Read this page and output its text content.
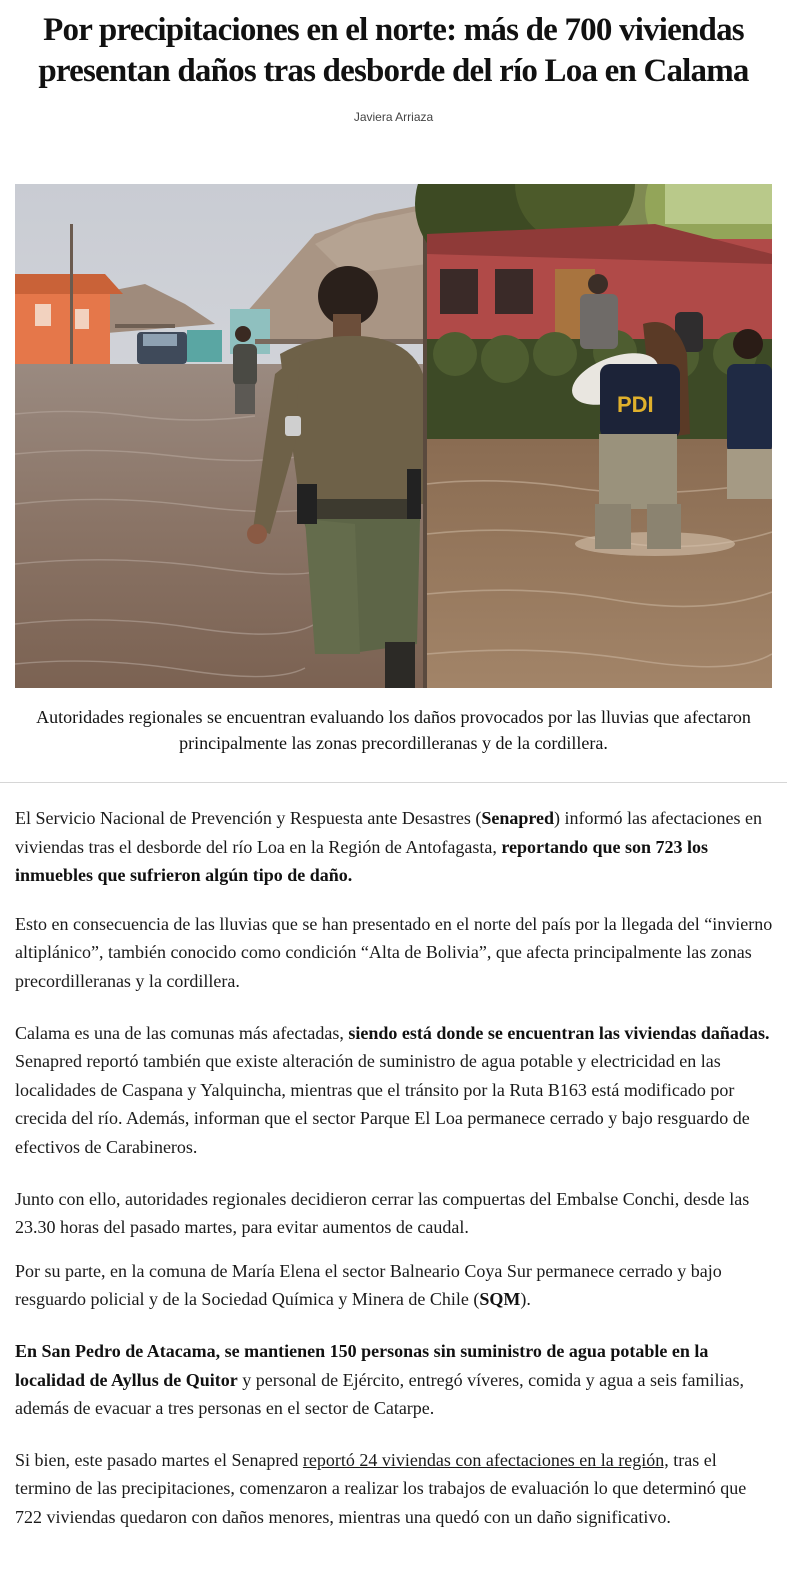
Por precipitaciones en el norte: más de 700 viviendas presentan daños tras desborde del río Loa en Calama
Javiera Arriaza
PDI
Autoridades regionales se encuentran evaluando los daños provocados por las lluvias que afectaron principalmente las zonas precordilleranas y de la cordillera.

El Servicio Nacional de Prevención y Respuesta ante Desastres (Senapred) informó las afectaciones en viviendas tras el desborde del río Loa en la Región de Antofagasta, reportando que son 723 los inmuebles que sufrieron algún tipo de daño.

Esto en consecuencia de las lluvias que se han presentado en el norte del país por la llegada del “invierno altiplánico”, también conocido como condición “Alta de Bolivia”, que afecta principalmente las zonas precordilleranas y la cordillera.

Calama es una de las comunas más afectadas, siendo está donde se encuentran las viviendas dañadas. Senapred reportó también que existe alteración de suministro de agua potable y electricidad en las localidades de Caspana y Yalquincha, mientras que el tránsito por la Ruta B163 está modificado por crecida del río. Además, informan que el sector Parque El Loa permanece cerrado y bajo resguardo de efectivos de Carabineros.

Junto con ello, autoridades regionales decidieron cerrar las compuertas del Embalse Conchi, desde las 23.30 horas del pasado martes, para evitar aumentos de caudal.

Por su parte, en la comuna de María Elena el sector Balneario Coya Sur permanece cerrado y bajo resguardo policial y de la Sociedad Química y Minera de Chile (SQM).

En San Pedro de Atacama, se mantienen 150 personas sin suministro de agua potable en la localidad de Ayllus de Quitor y personal de Ejército, entregó víveres, comida y agua a seis familias, además de evacuar a tres personas en el sector de Catarpe.

Si bien, este pasado martes el Senapred reportó 24 viviendas con afectaciones en la región, tras el termino de las precipitaciones, comenzaron a realizar los trabajos de evaluación lo que determinó que 722 viviendas quedaron con daños menores, mientras una quedó con un daño significativo.
